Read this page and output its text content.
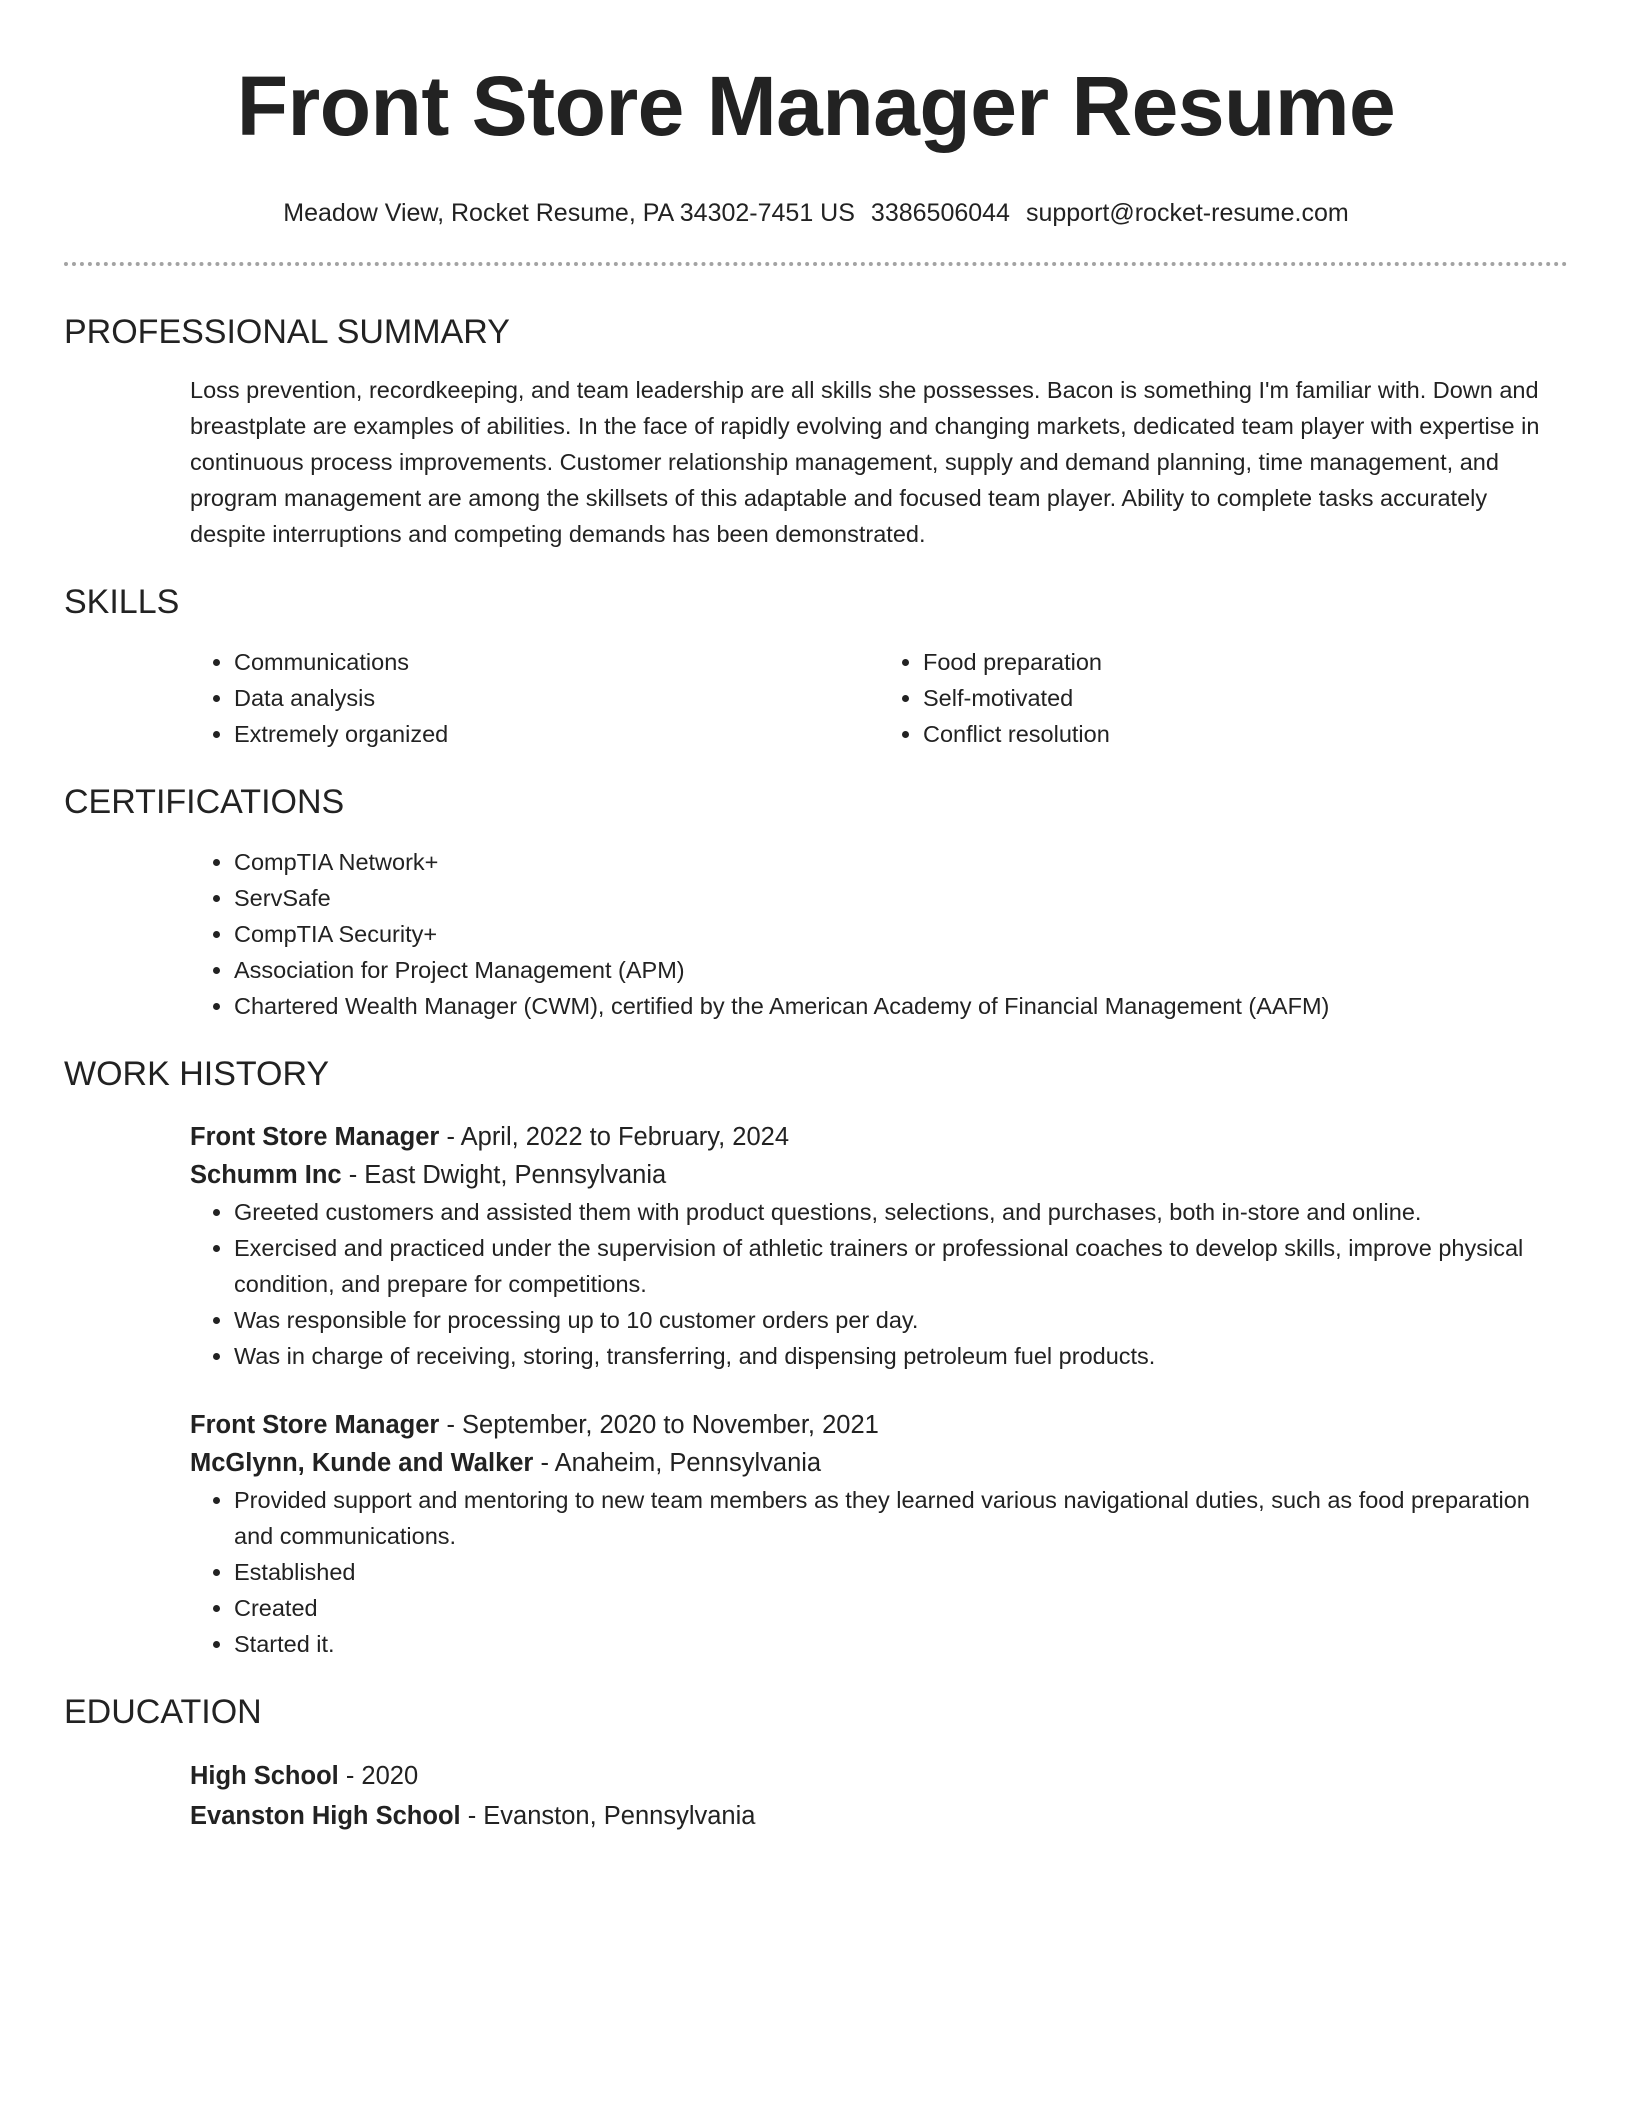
Front Store Manager Resume
Meadow View, Rocket Resume, PA 34302-7451 US 3386506044 support@rocket-resume.com
PROFESSIONAL SUMMARY
Loss prevention, recordkeeping, and team leadership are all skills she possesses. Bacon is something I'm familiar with. Down and breastplate are examples of abilities. In the face of rapidly evolving and changing markets, dedicated team player with expertise in continuous process improvements. Customer relationship management, supply and demand planning, time management, and program management are among the skillsets of this adaptable and focused team player. Ability to complete tasks accurately despite interruptions and competing demands has been demonstrated.
SKILLS
• Communications
• Data analysis
• Extremely organized
• Food preparation
• Self-motivated
• Conflict resolution
CERTIFICATIONS
• CompTIA Network+
• ServSafe
• CompTIA Security+
• Association for Project Management (APM)
• Chartered Wealth Manager (CWM), certified by the American Academy of Financial Management (AAFM)
WORK HISTORY
Front Store Manager - April, 2022 to February, 2024
Schumm Inc - East Dwight, Pennsylvania
• Greeted customers and assisted them with product questions, selections, and purchases, both in-store and online.
• Exercised and practiced under the supervision of athletic trainers or professional coaches to develop skills, improve physical condition, and prepare for competitions.
• Was responsible for processing up to 10 customer orders per day.
• Was in charge of receiving, storing, transferring, and dispensing petroleum fuel products.
Front Store Manager - September, 2020 to November, 2021
McGlynn, Kunde and Walker - Anaheim, Pennsylvania
• Provided support and mentoring to new team members as they learned various navigational duties, such as food preparation and communications.
• Established
• Created
• Started it.
EDUCATION
High School - 2020
Evanston High School - Evanston, Pennsylvania
